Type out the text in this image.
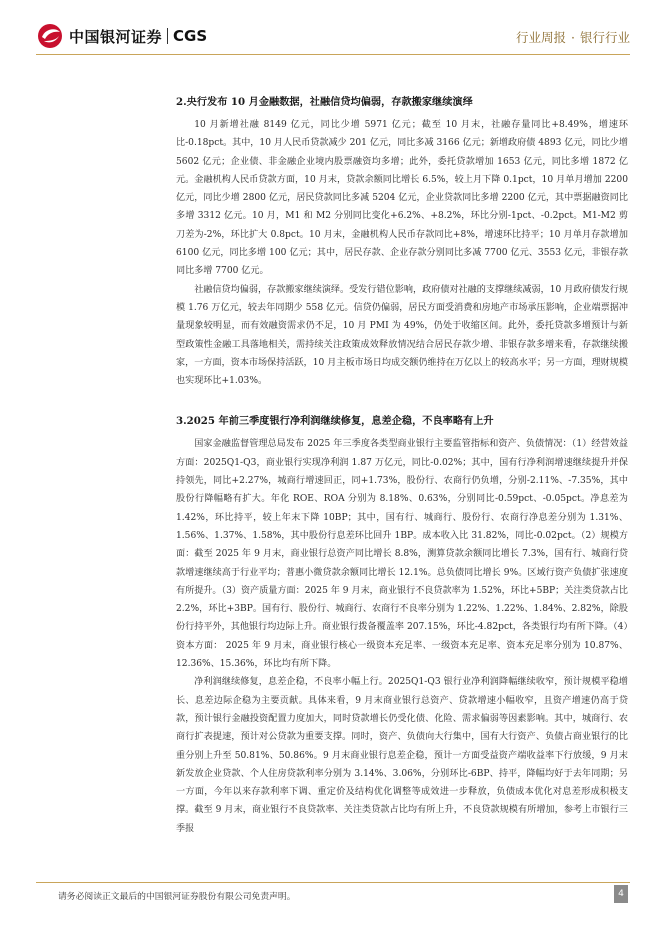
中国银河证券 CGS	行业周报 · 银行行业
2.央行发布 10 月金融数据，社融信贷均偏弱，存款搬家继续演绎

10 月新增社融 8149 亿元，同比少增 5971 亿元；截至 10 月末，社融存量同比+8.49%，增速环比-0.18pct。其中，10 月人民币贷款减少 201 亿元，同比多减 3166 亿元；新增政府债 4893 亿元，同比少增 5602 亿元；企业债、非金融企业境内股票融资均多增；此外，委托贷款增加 1653 亿元，同比多增 1872 亿元。金融机构人民币贷款方面，10 月末，贷款余额同比增长 6.5%，较上月下降 0.1pct，10 月单月增加 2200 亿元，同比少增 2800 亿元，居民贷款同比多减 5204 亿元，企业贷款同比多增 2200 亿元，其中票据融资同比多增 3312 亿元。10 月，M1 和 M2 分别同比变化+6.2%、+8.2%，环比分别-1pct、-0.2pct。M1-M2 剪刀差为-2%，环比扩大 0.8pct。10 月末，金融机构人民币存款同比+8%，增速环比持平；10 月单月存款增加 6100 亿元，同比多增 100 亿元；其中，居民存款、企业存款分别同比多减 7700 亿元、3553 亿元，非银存款同比多增 7700 亿元。

社融信贷均偏弱，存款搬家继续演绎。受发行错位影响，政府债对社融的支撑继续减弱，10 月政府债发行规模 1.76 万亿元，较去年同期少 558 亿元。信贷仍偏弱，居民方面受消费和房地产市场承压影响，企业端票据冲量现象较明显，而有效融资需求仍不足，10 月 PMI 为 49%，仍处于收缩区间。此外，委托贷款多增预计与新型政策性金融工具落地相关，需持续关注政策成效释放情况结合居民存款少增、非银存款多增来看，存款继续搬家，一方面，资本市场保持活跃，10 月主板市场日均成交额仍维持在万亿以上的较高水平；另一方面，理财规模也实现环比+1.03%。

3.2025 年前三季度银行净利润继续修复，息差企稳，不良率略有上升

国家金融监督管理总局发布 2025 年三季度各类型商业银行主要监管指标和资产、负债情况：（1）经营效益方面：2025Q1-Q3，商业银行实现净利润 1.87 万亿元，同比-0.02%；其中，国有行净利润增速继续提升并保持领先，同比+2.27%，城商行增速回正，同+1.73%，股份行、农商行仍负增，分别-2.11%、-7.35%，其中股份行降幅略有扩大。年化 ROE、ROA 分别为 8.18%、0.63%，分别同比-0.59pct、-0.05pct。净息差为 1.42%，环比持平，较上年末下降 10BP；其中，国有行、城商行、股份行、农商行净息差分别为 1.31%、1.56%、1.37%、1.58%，其中股份行息差环比回升 1BP。成本收入比 31.82%，同比-0.02pct。（2）规模方面：截至 2025 年 9 月末，商业银行总资产同比增长 8.8%，测算贷款余额同比增长 7.3%，国有行、城商行贷款增速继续高于行业平均；普惠小微贷款余额同比增长 12.1%。总负债同比增长 9%。区域行资产负债扩张速度有所提升。（3）资产质量方面：2025 年 9 月末，商业银行不良贷款率为 1.52%，环比+5BP；关注类贷款占比 2.2%，环比+3BP。国有行、股份行、城商行、农商行不良率分别为 1.22%、1.22%、1.84%、2.82%，除股份行持平外，其他银行均边际上升。商业银行拨备覆盖率 207.15%，环比-4.82pct，各类银行均有所下降。（4）资本方面： 2025 年 9 月末，商业银行核心一级资本充足率、一级资本充足率、资本充足率分别为 10.87%、12.36%、15.36%，环比均有所下降。

净利润继续修复，息差企稳，不良率小幅上行。2025Q1-Q3 银行业净利润降幅继续收窄，预计规模平稳增长、息差边际企稳为主要贡献。具体来看，9 月末商业银行总资产、贷款增速小幅收窄，且资产增速仍高于贷款，预计银行金融投资配置力度加大，同时贷款增长仍受化债、化险、需求偏弱等因素影响。其中，城商行、农商行扩表提速，预计对公贷款为重要支撑。同时，资产、负债向大行集中，国有大行资产、负债占商业银行的比重分别上升至 50.81%、50.86%。9 月末商业银行息差企稳，预计一方面受益资产端收益率下行放缓，9 月末新发放企业贷款、个人住房贷款利率分别为 3.14%、3.06%，分别环比-6BP、持平，降幅均好于去年同期；另一方面，今年以来存款利率下调、重定价及结构优化调整等成效进一步释放，负债成本优化对息差形成积极支撑。截至 9 月末，商业银行不良贷款率、关注类贷款占比均有所上升，不良贷款规模有所增加，参考上市银行三季报

请务必阅读正文最后的中国银河证券股份有限公司免责声明。	4
